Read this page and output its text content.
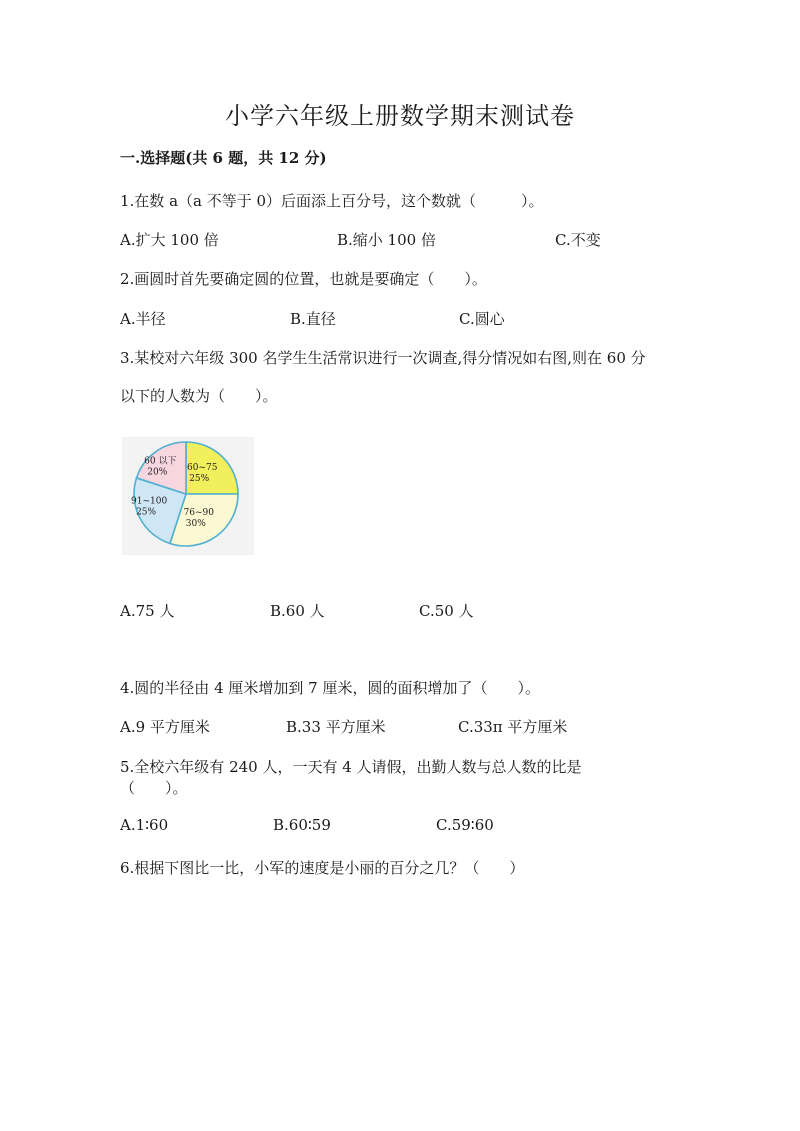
小学六年级上册数学期末测试卷
一.选择题(共 6 题，共 12 分)
1.在数 a（a 不等于 0）后面添上百分号，这个数就（　　　）。
A.扩大 100 倍	B.缩小 100 倍	C.不变
2.画圆时首先要确定圆的位置，也就是要确定（　　）。
A.半径	B.直径	C.圆心
3.某校对六年级 300 名学生生活常识进行一次调查,得分情况如右图,则在 60 分
以下的人数为（　　）。
60~75
25%
76~90
30%
91~100
25%
60 以下
20%
A.75 人	B.60 人	C.50 人
4.圆的半径由 4 厘米增加到 7 厘米，圆的面积增加了（　　）。
A.9 平方厘米	B.33 平方厘米	C.33π 平方厘米
5.全校六年级有 240 人，一天有 4 人请假，出勤人数与总人数的比是
（　　）。
A.1∶60	B.60∶59	C.59∶60
6.根据下图比一比，小军的速度是小丽的百分之几？（　　）
